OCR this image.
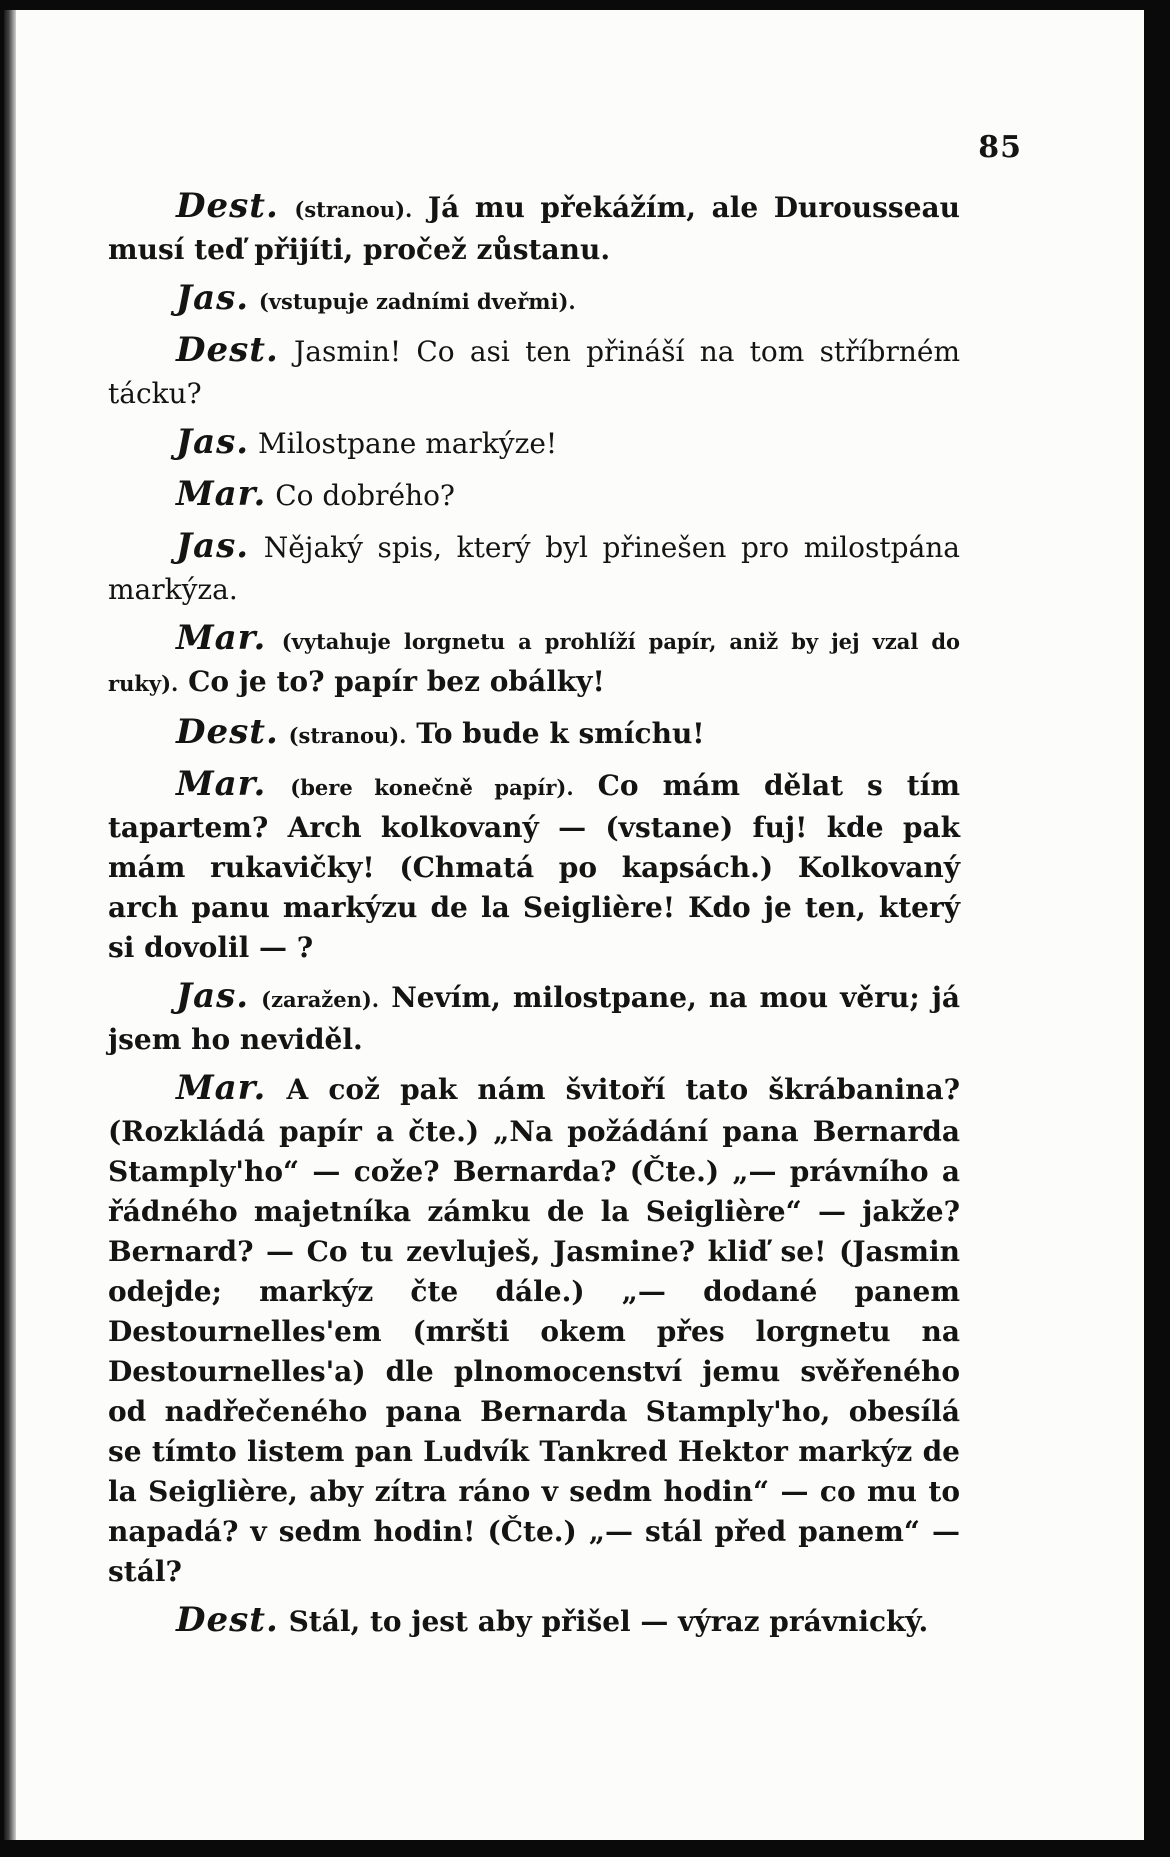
85

Dest. (stranou). Já mu překážím, ale Durousseau musí teď přijíti, pročež zůstanu.

Jas. (vstupuje zadními dveřmi).

Dest. Jasmin! Co asi ten přináší na tom stříbrném tácku?

Jas. Milostpane markýze!

Mar. Co dobrého?

Jas. Nějaký spis, který byl přinešen pro milostpána markýza.

Mar. (vytahuje lorgnetu a prohlíží papír, aniž by jej vzal do ruky). Co je to? papír bez obálky!

Dest. (stranou). To bude k smíchu!

Mar. (bere konečně papír). Co mám dělat s tím tapartem? Arch kolkovaný — (vstane) fuj! kde pak mám rukavičky! (Chmatá po kapsách.) Kolkovaný arch panu markýzu de la Seiglière! Kdo je ten, který si dovolil — ?

Jas. (zaražen). Nevím, milostpane, na mou věru; já jsem ho neviděl.

Mar. A což pak nám švitoří tato škrábanina? (Rozkládá papír a čte.) „Na požádání pana Bernarda Stamply'ho“ — cože? Bernarda? (Čte.) „— právního a řádného majetníka zámku de la Seiglière“ — jakže? Bernard? — Co tu zevluješ, Jasmine? kliď se! (Jasmin odejde; markýz čte dále.) „— dodané panem Destournelles'em (mršti okem přes lorgnetu na Destournelles'a) dle plnomocenství jemu svěřeného od nadřečeného pana Bernarda Stamply'ho, obesílá se tímto listem pan Ludvík Tankred Hektor markýz de la Seiglière, aby zítra ráno v sedm hodin“ — co mu to napadá? v sedm hodin! (Čte.) „— stál před panem“ — stál?

Dest. Stál, to jest aby přišel — výraz právnický.
